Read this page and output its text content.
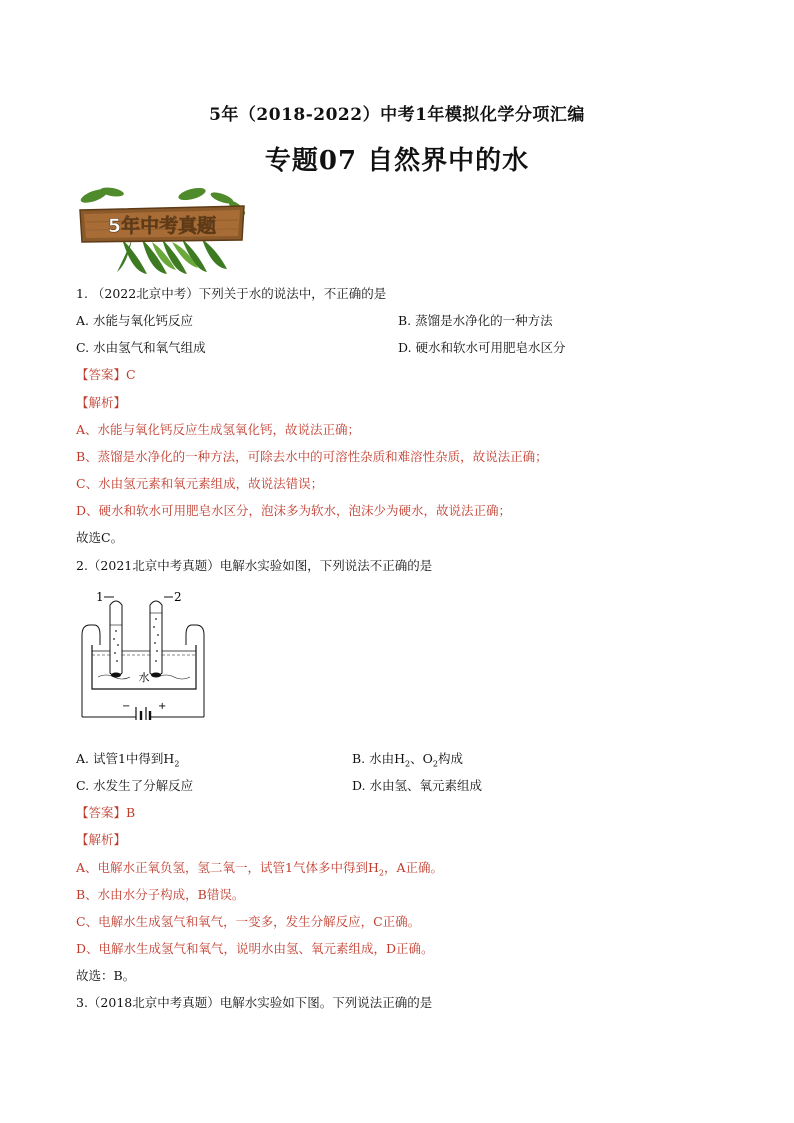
5年（2018-2022）中考1年模拟化学分项汇编
专题07 自然界中的水
5年中考真题
1. （2022北京中考）下列关于水的说法中，不正确的是
A. 水能与氧化钙反应	B. 蒸馏是水净化的一种方法
C. 水由氢气和氧气组成	D. 硬水和软水可用肥皂水区分
【答案】C
【解析】
A、水能与氧化钙反应生成氢氧化钙，故说法正确；
B、蒸馏是水净化的一种方法，可除去水中的可溶性杂质和难溶性杂质，故说法正确；
C、水由氢元素和氧元素组成，故说法错误；
D、硬水和软水可用肥皂水区分，泡沫多为软水，泡沫少为硬水，故说法正确；
故选C。
2.（2021北京中考真题）电解水实验如图，下列说法不正确的是
1	2
水
−	+
A. 试管1中得到$H_2$	B. 水由$H_2$、$O_2$构成
C. 水发生了分解反应	D. 水由氢、氧元素组成
【答案】B
【解析】
A、电解水正氧负氢，氢二氧一，试管1气体多中得到$H_2$，A正确。
B、水由水分子构成，B错误。
C、电解水生成氢气和氧气，一变多，发生分解反应，C正确。
D、电解水生成氢气和氧气，说明水由氢、氧元素组成，D正确。
故选：B。
3.（2018北京中考真题）电解水实验如下图。下列说法正确的是
